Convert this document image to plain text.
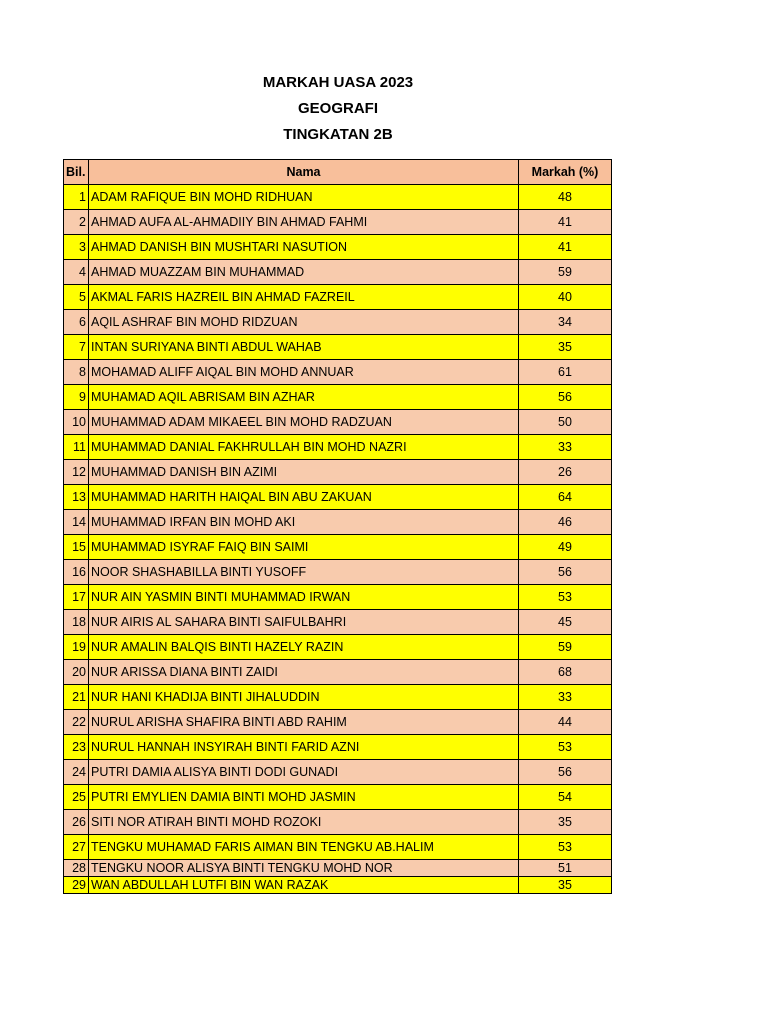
MARKAH UASA 2023
GEOGRAFI
TINGKATAN 2B
Bil.	Nama	Markah (%)
1	ADAM RAFIQUE BIN MOHD RIDHUAN	48
2	AHMAD AUFA AL-AHMADIIY BIN AHMAD FAHMI	41
3	AHMAD DANISH BIN MUSHTARI NASUTION	41
4	AHMAD MUAZZAM BIN MUHAMMAD	59
5	AKMAL FARIS HAZREIL BIN AHMAD FAZREIL	40
6	AQIL ASHRAF BIN MOHD RIDZUAN	34
7	INTAN SURIYANA BINTI ABDUL WAHAB	35
8	MOHAMAD ALIFF AIQAL BIN MOHD ANNUAR	61
9	MUHAMAD AQIL ABRISAM BIN AZHAR	56
10	MUHAMMAD ADAM MIKAEEL BIN MOHD RADZUAN	50
11	MUHAMMAD DANIAL FAKHRULLAH BIN MOHD NAZRI	33
12	MUHAMMAD DANISH BIN AZIMI	26
13	MUHAMMAD HARITH HAIQAL BIN ABU ZAKUAN	64
14	MUHAMMAD IRFAN BIN MOHD AKI	46
15	MUHAMMAD ISYRAF FAIQ BIN SAIMI	49
16	NOOR SHASHABILLA BINTI YUSOFF	56
17	NUR AIN YASMIN BINTI MUHAMMAD IRWAN	53
18	NUR AIRIS AL SAHARA BINTI SAIFULBAHRI	45
19	NUR AMALIN BALQIS BINTI HAZELY RAZIN	59
20	NUR ARISSA DIANA BINTI ZAIDI	68
21	NUR HANI KHADIJA BINTI JIHALUDDIN	33
22	NURUL ARISHA SHAFIRA BINTI ABD RAHIM	44
23	NURUL HANNAH INSYIRAH BINTI FARID AZNI	53
24	PUTRI DAMIA ALISYA BINTI DODI GUNADI	56
25	PUTRI EMYLIEN DAMIA BINTI MOHD JASMIN	54
26	SITI NOR ATIRAH BINTI MOHD ROZOKI	35
27	TENGKU MUHAMAD FARIS AIMAN BIN TENGKU AB.HALIM	53
28	TENGKU NOOR ALISYA BINTI TENGKU MOHD NOR	51
29	WAN ABDULLAH LUTFI BIN WAN RAZAK	35
